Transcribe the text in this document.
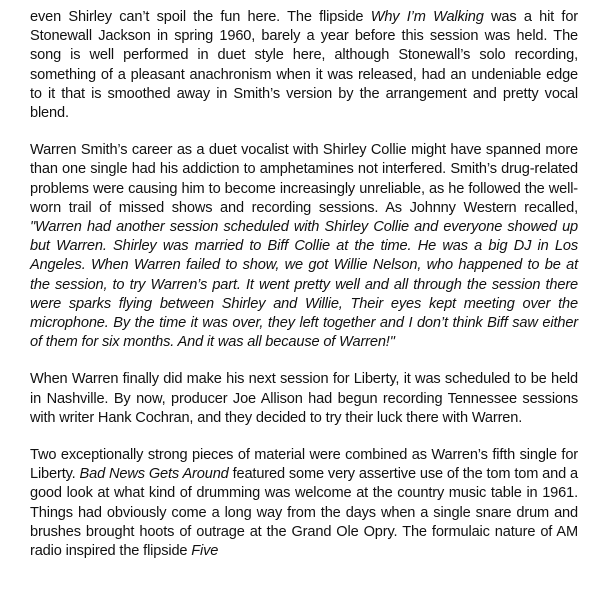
even Shirley can’t spoil the fun here. The flipside Why I’m Walking was a hit for Stonewall Jackson in spring 1960, barely a year before this session was held. The song is well performed in duet style here, although Stonewall’s solo recording, something of a pleasant anachronism when it was released, had an undeniable edge to it that is smoothed away in Smith’s version by the arrangement and pretty vocal blend.

Warren Smith’s career as a duet vocalist with Shirley Collie might have spanned more than one single had his addiction to amphetamines not interfered. Smith’s drug-related problems were causing him to become increasingly unreliable, as he followed the well-worn trail of missed shows and recording sessions. As Johnny Western recalled, "Warren had another session scheduled with Shirley Collie and everyone showed up but Warren. Shirley was married to Biff Collie at the time. He was a big DJ in Los Angeles. When Warren failed to show, we got Willie Nelson, who happened to be at the session, to try Warren’s part. It went pretty well and all through the session there were sparks flying between Shirley and Willie, Their eyes kept meeting over the microphone. By the time it was over, they left together and I don’t think Biff saw either of them for six months. And it was all because of Warren!"

When Warren finally did make his next session for Liberty, it was scheduled to be held in Nashville. By now, producer Joe Allison had begun recording Tennessee sessions with writer Hank Cochran, and they decided to try their luck there with Warren.

Two exceptionally strong pieces of material were combined as Warren’s fifth single for Liberty. Bad News Gets Around featured some very assertive use of the tom tom and a good look at what kind of drumming was welcome at the country music table in 1961. Things had obviously come a long way from the days when a single snare drum and brushes brought hoots of outrage at the Grand Ole Opry. The formulaic nature of AM radio inspired the flipside Five
